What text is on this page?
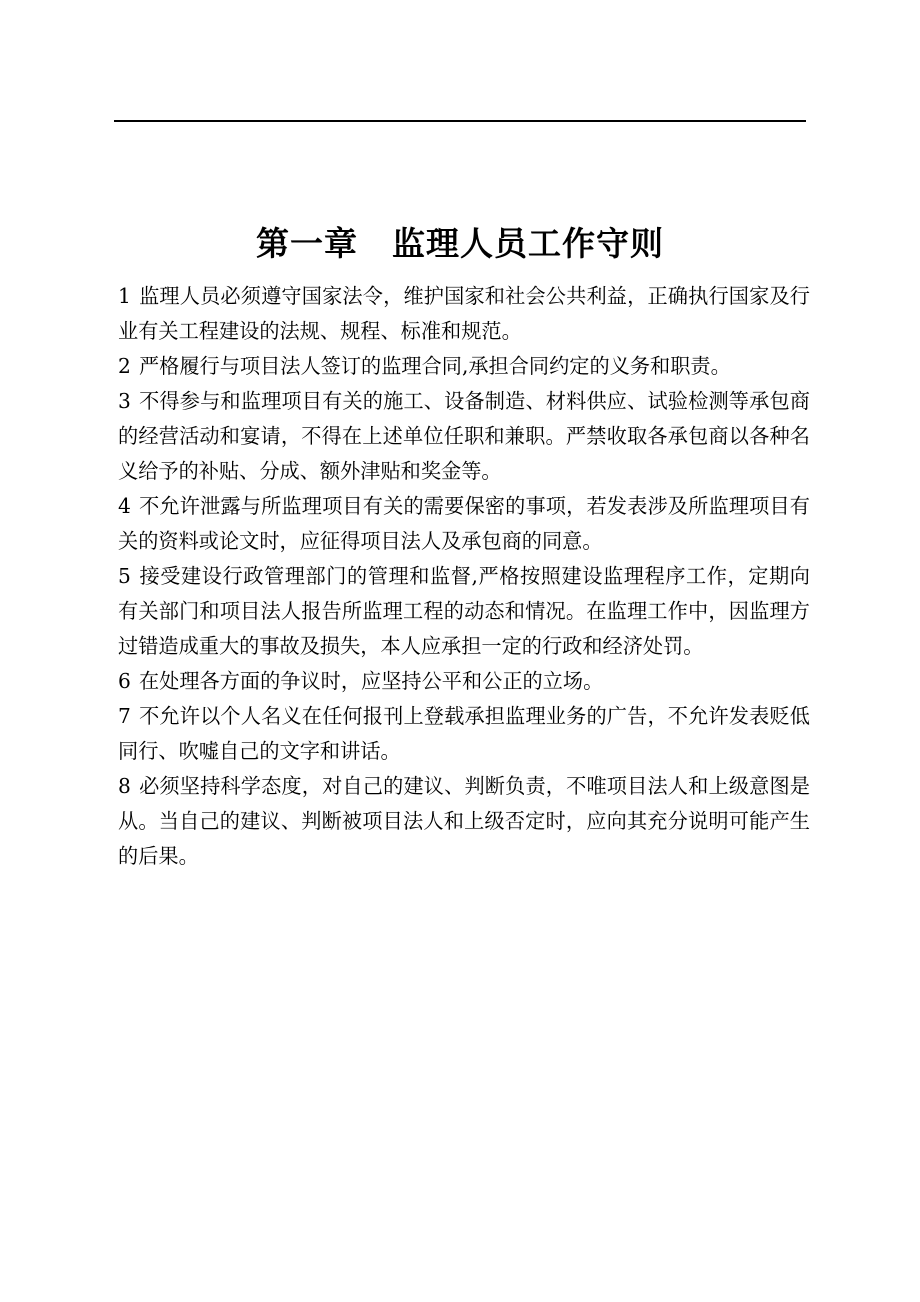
第一章　监理人员工作守则

1 监理人员必须遵守国家法令，维护国家和社会公共利益，正确执行国家及行业有关工程建设的法规、规程、标准和规范。

2 严格履行与项目法人签订的监理合同,承担合同约定的义务和职责。

3 不得参与和监理项目有关的施工、设备制造、材料供应、试验检测等承包商的经营活动和宴请，不得在上述单位任职和兼职。严禁收取各承包商以各种名义给予的补贴、分成、额外津贴和奖金等。

4 不允许泄露与所监理项目有关的需要保密的事项，若发表涉及所监理项目有关的资料或论文时，应征得项目法人及承包商的同意。

5 接受建设行政管理部门的管理和监督,严格按照建设监理程序工作，定期向有关部门和项目法人报告所监理工程的动态和情况。在监理工作中，因监理方过错造成重大的事故及损失，本人应承担一定的行政和经济处罚。

6 在处理各方面的争议时，应坚持公平和公正的立场。

7 不允许以个人名义在任何报刊上登载承担监理业务的广告，不允许发表贬低同行、吹嘘自己的文字和讲话。

8 必须坚持科学态度，对自己的建议、判断负责，不唯项目法人和上级意图是从。当自己的建议、判断被项目法人和上级否定时，应向其充分说明可能产生的后果。
